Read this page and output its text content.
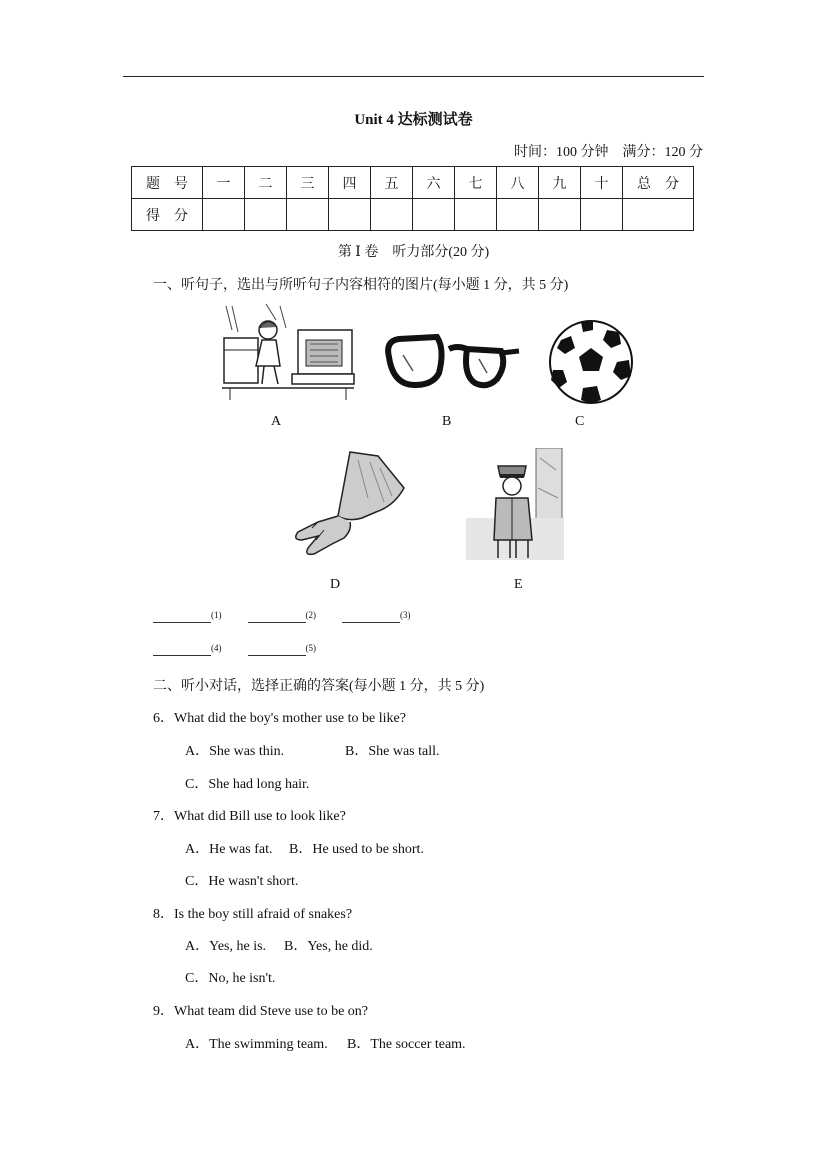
Unit 4 达标测试卷
时间：100 分钟　满分：120 分
题　号	一	二	三	四	五	六	七	八	九	十	总　分
得　分											
第 Ⅰ 卷　听力部分(20 分)
一、听句子，选出与所听句子内容相符的图片(每小题 1 分，共 5 分)
A	B	C
D	E
$^{(1)}$	$^{(2)}$	$^{(3)}$
$^{(4)}$	$^{(5)}$
二、听小对话，选择正确的答案(每小题 1 分，共 5 分)
6．What did the boy's mother use to be like?
A．She was thin.	B．She was tall.
C．She had long hair.
7．What did Bill use to look like?
A．He was fat. B．He used to be short.
C．He wasn't short.
8．Is the boy still afraid of snakes?
A．Yes, he is. B．Yes, he did.
C．No, he isn't.
9．What team did Steve use to be on?
A．The swimming team. B．The soccer team.
